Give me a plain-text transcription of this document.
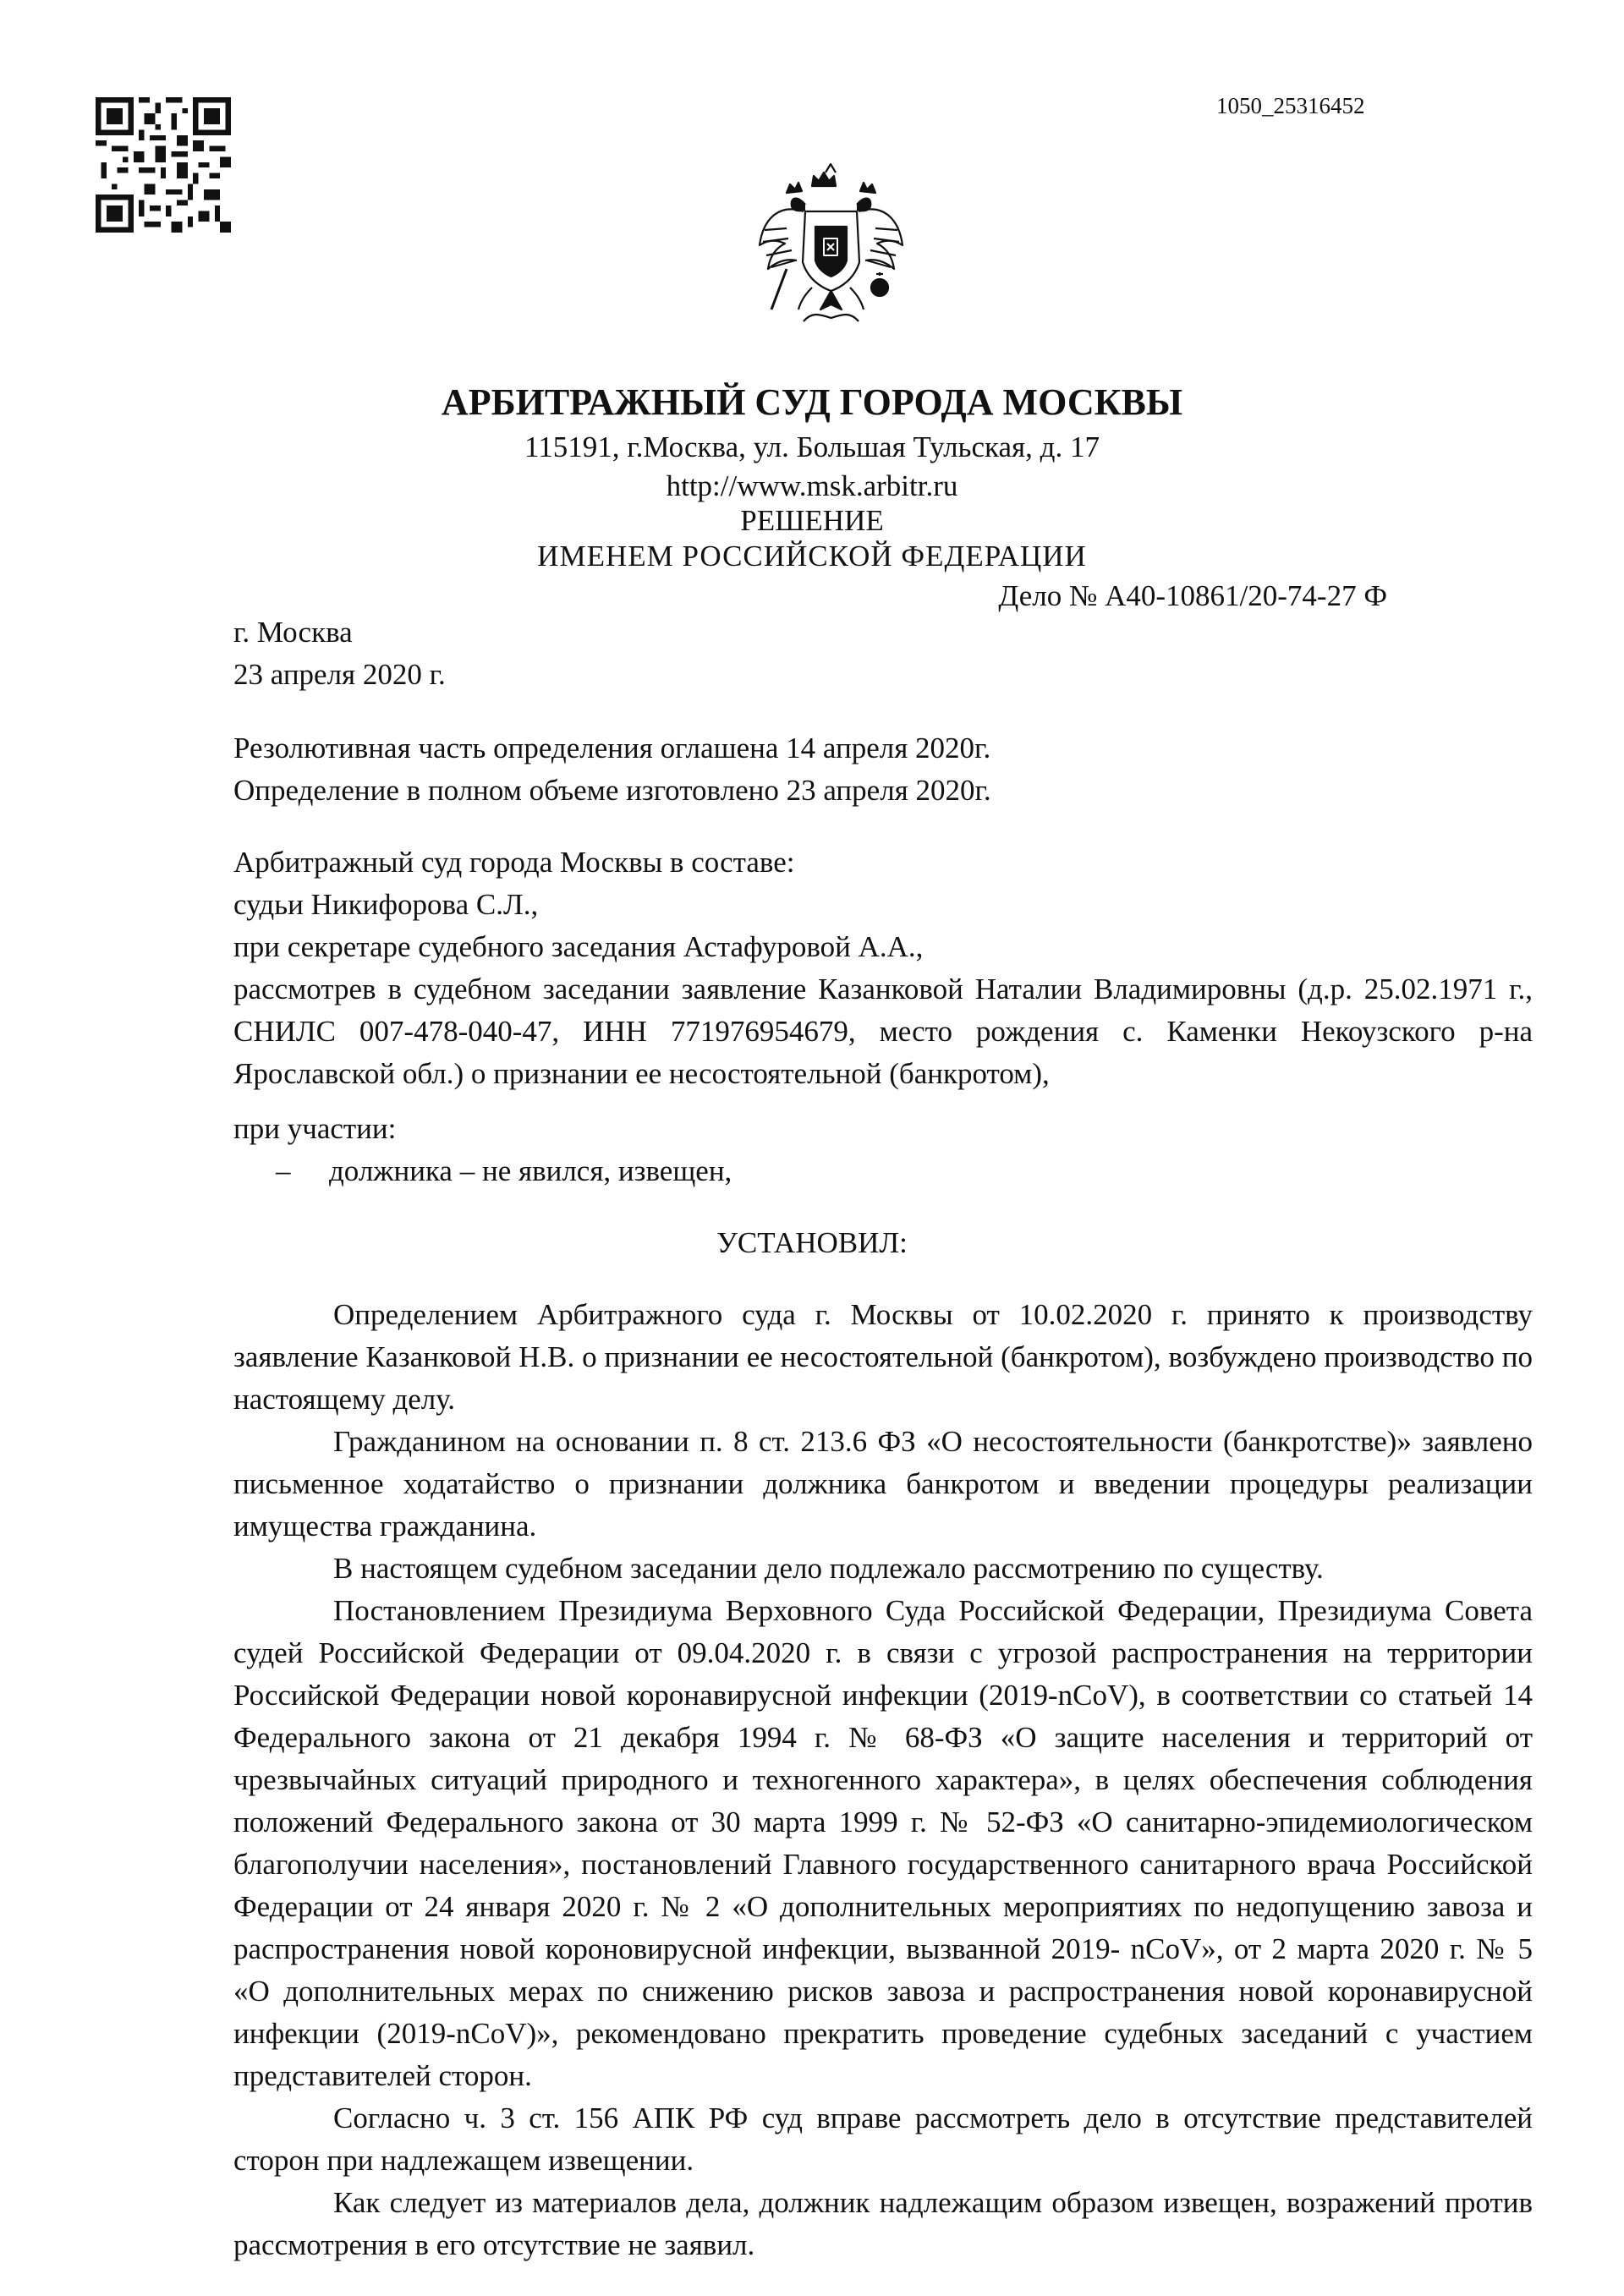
1050_25316452
АРБИТРАЖНЫЙ СУД ГОРОДА МОСКВЫ
115191, г.Москва, ул. Большая Тульская, д. 17
http://www.msk.arbitr.ru
РЕШЕНИЕ
ИМЕНЕМ РОССИЙСКОЙ ФЕДЕРАЦИИ
Дело № А40-10861/20-74-27 Ф
г. Москва
23 апреля 2020 г.
Резолютивная часть определения оглашена 14 апреля 2020г.
Определение в полном объеме изготовлено 23 апреля 2020г.
Арбитражный суд города Москвы в составе:
судьи Никифорова С.Л.,
при секретаре судебного заседания Астафуровой А.А.,
рассмотрев в судебном заседании заявление Казанковой Наталии Владимировны (д.р. 25.02.1971 г., СНИЛС 007-478-040-47, ИНН 771976954679, место рождения с. Каменки Некоузского р-на Ярославской обл.) о признании ее несостоятельной (банкротом),
при участии:
– должника – не явился, извещен,
УСТАНОВИЛ:
Определением Арбитражного суда г. Москвы от 10.02.2020 г. принято к производству заявление Казанковой Н.В. о признании ее несостоятельной (банкротом), возбуждено производство по настоящему делу.
Гражданином на основании п. 8 ст. 213.6 ФЗ «О несостоятельности (банкротстве)» заявлено письменное ходатайство о признании должника банкротом и введении процедуры реализации имущества гражданина.
В настоящем судебном заседании дело подлежало рассмотрению по существу.
Постановлением Президиума Верховного Суда Российской Федерации, Президиума Совета судей Российской Федерации от 09.04.2020 г. в связи с угрозой распространения на территории Российской Федерации новой коронавирусной инфекции (2019-nCoV), в соответствии со статьей 14 Федерального закона от 21 декабря 1994 г. № 68-ФЗ «О защите населения и территорий от чрезвычайных ситуаций природного и техногенного характера», в целях обеспечения соблюдения положений Федерального закона от 30 марта 1999 г. № 52-ФЗ «О санитарно-эпидемиологическом благополучии населения», постановлений Главного государственного санитарного врача Российской Федерации от 24 января 2020 г. № 2 «О дополнительных мероприятиях по недопущению завоза и распространения новой короновирусной инфекции, вызванной 2019- nCoV», от 2 марта 2020 г. № 5 «О дополнительных мерах по снижению рисков завоза и распространения новой коронавирусной инфекции (2019-nCoV)», рекомендовано прекратить проведение судебных заседаний с участием представителей сторон.
Согласно ч. 3 ст. 156 АПК РФ суд вправе рассмотреть дело в отсутствие представителей сторон при надлежащем извещении.
Как следует из материалов дела, должник надлежащим образом извещен, возражений против рассмотрения в его отсутствие не заявил.
